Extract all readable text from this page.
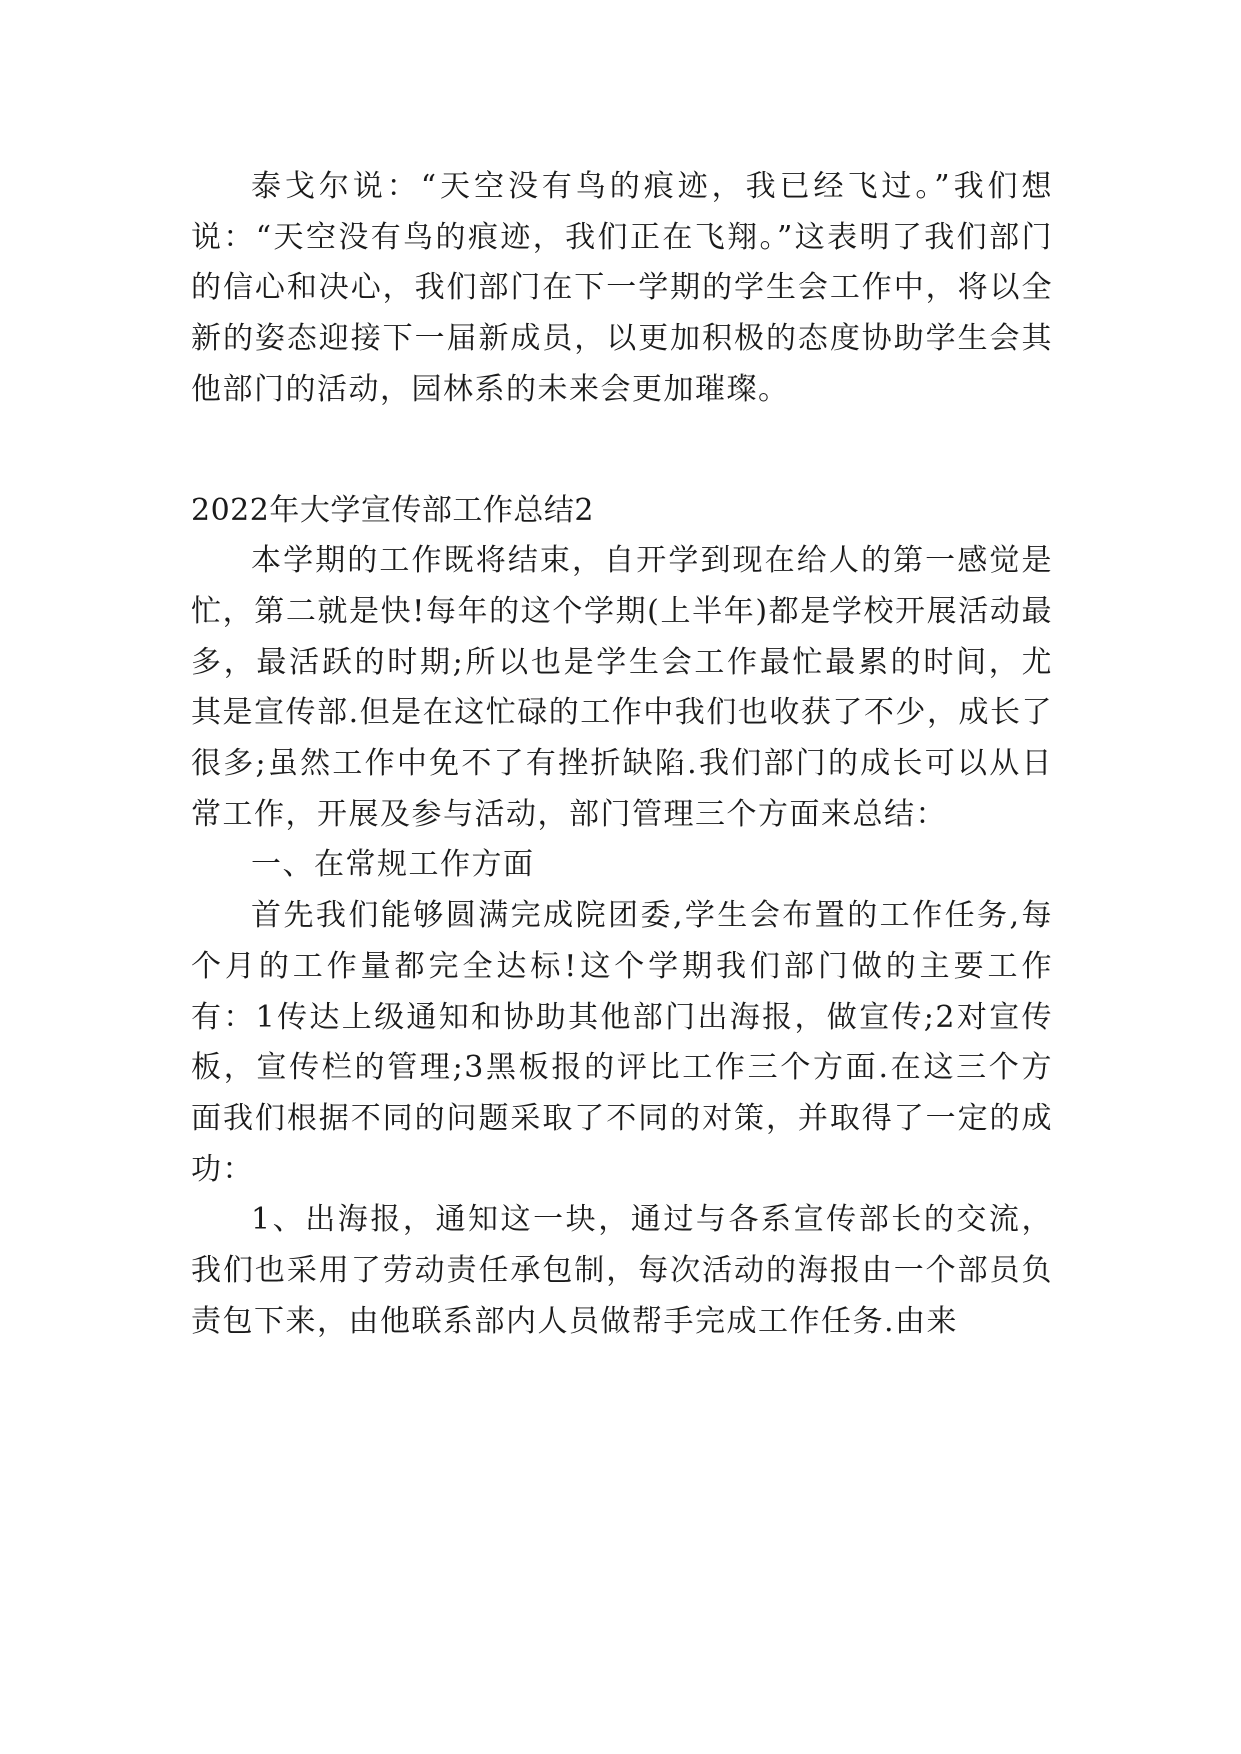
泰戈尔说：“天空没有鸟的痕迹，我已经飞过。”我们想说：“天空没有鸟的痕迹，我们正在飞翔。”这表明了我们部门的信心和决心，我们部门在下一学期的学生会工作中，将以全新的姿态迎接下一届新成员，以更加积极的态度协助学生会其他部门的活动，园林系的未来会更加璀璨。

2022年大学宣传部工作总结2

本学期的工作既将结束，自开学到现在给人的第一感觉是忙，第二就是快!每年的这个学期(上半年)都是学校开展活动最多，最活跃的时期;所以也是学生会工作最忙最累的时间，尤其是宣传部.但是在这忙碌的工作中我们也收获了不少，成长了很多;虽然工作中免不了有挫折缺陷.我们部门的成长可以从日常工作，开展及参与活动，部门管理三个方面来总结：

一、在常规工作方面

首先我们能够圆满完成院团委,学生会布置的工作任务,每个月的工作量都完全达标!这个学期我们部门做的主要工作有：1传达上级通知和协助其他部门出海报，做宣传;2对宣传板，宣传栏的管理;3黑板报的评比工作三个方面.在这三个方面我们根据不同的问题采取了不同的对策，并取得了一定的成功：

1、出海报，通知这一块，通过与各系宣传部长的交流，我们也采用了劳动责任承包制，每次活动的海报由一个部员负责包下来，由他联系部内人员做帮手完成工作任务.由来
